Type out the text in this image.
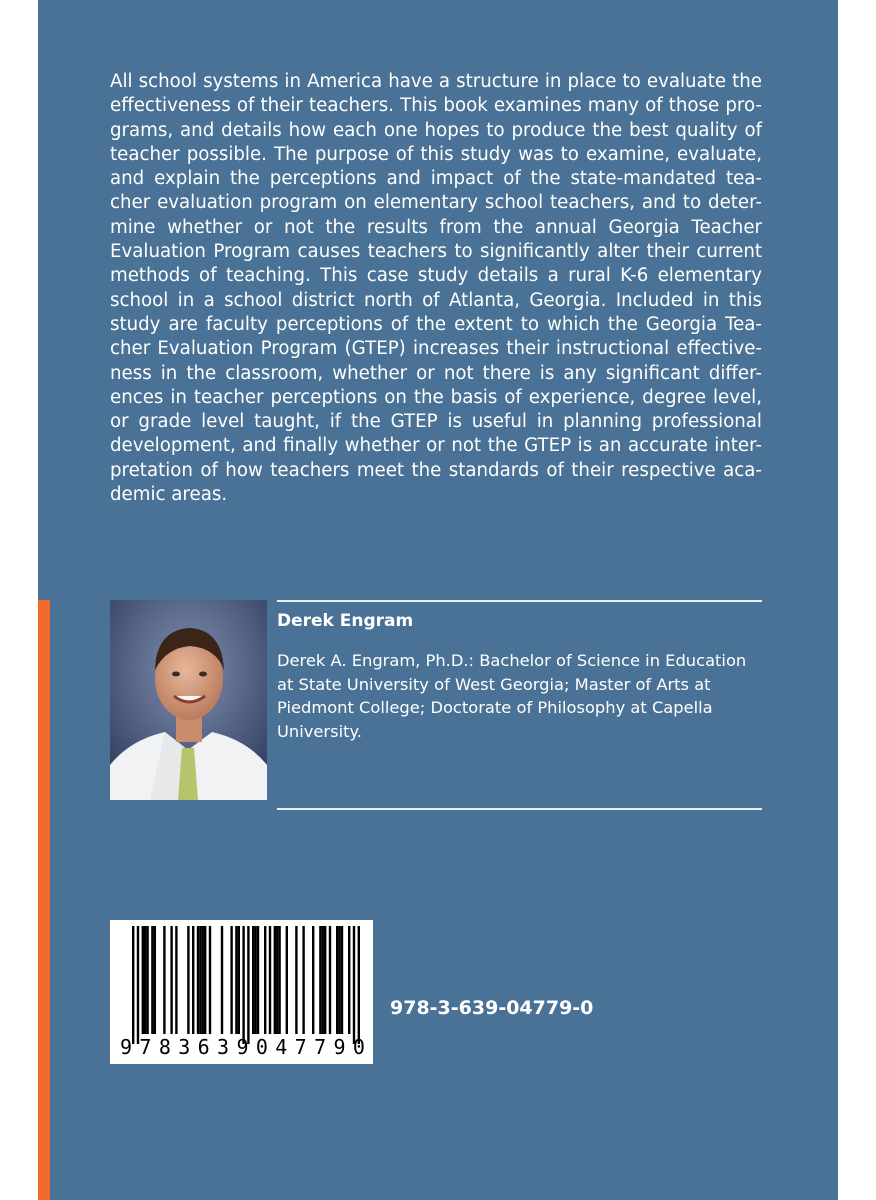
All school systems in America have a structure in place to evaluate the
effectiveness of their teachers. This book examines many of those pro-
grams, and details how each one hopes to produce the best quality of
teacher possible. The purpose of this study was to examine, evaluate,
and explain the perceptions and impact of the state-mandated tea-
cher evaluation program on elementary school teachers, and to deter-
mine whether or not the results from the annual Georgia Teacher
Evaluation Program causes teachers to significantly alter their current
methods of teaching. This case study details a rural K-6 elementary
school in a school district north of Atlanta, Georgia. Included in this
study are faculty perceptions of the extent to which the Georgia Tea-
cher Evaluation Program (GTEP) increases their instructional effective-
ness in the classroom, whether or not there is any significant differ-
ences in teacher perceptions on the basis of experience, degree level,
or grade level taught, if the GTEP is useful in planning professional
development, and finally whether or not the GTEP is an accurate inter-
pretation of how teachers meet the standards of their respective aca-
demic areas.

Derek Engram

Derek A. Engram, Ph.D.: Bachelor of Science in Education
at State University of West Georgia; Master of Arts at
Piedmont College; Doctorate of Philosophy at Capella
University.

9 7 8 3 6 3 9 0 4 7 7 9 0
978-3-639-04779-0
